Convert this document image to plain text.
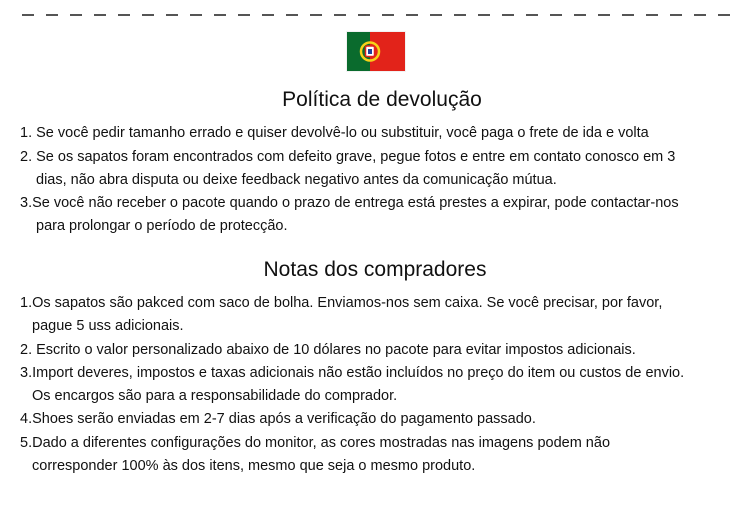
Política de devolução

1. Se você pedir tamanho errado e quiser devolvê-lo ou substituir, você paga o frete de ida e volta

2. Se os sapatos foram encontrados com defeito grave, pegue fotos e entre em contato conosco em 3
dias, não abra disputa ou deixe feedback negativo antes da comunicação mútua.

3.Se você não receber o pacote quando o prazo de entrega está prestes a expirar, pode contactar-nos
para prolongar o período de protecção.

Notas dos compradores

1.Os sapatos são pakced com saco de bolha. Enviamos-nos sem caixa. Se você precisar, por favor,
pague 5 uss adicionais.

2. Escrito o valor personalizado abaixo de 10 dólares no pacote para evitar impostos adicionais.

3.Import deveres, impostos e taxas adicionais não estão incluídos no preço do item ou custos de envio.
Os encargos são para a responsabilidade do comprador.

4.Shoes serão enviadas em 2-7 dias após a verificação do pagamento passado.

5.Dado a diferentes configurações do monitor, as cores mostradas nas imagens podem não
corresponder 100% às dos itens, mesmo que seja o mesmo produto.
